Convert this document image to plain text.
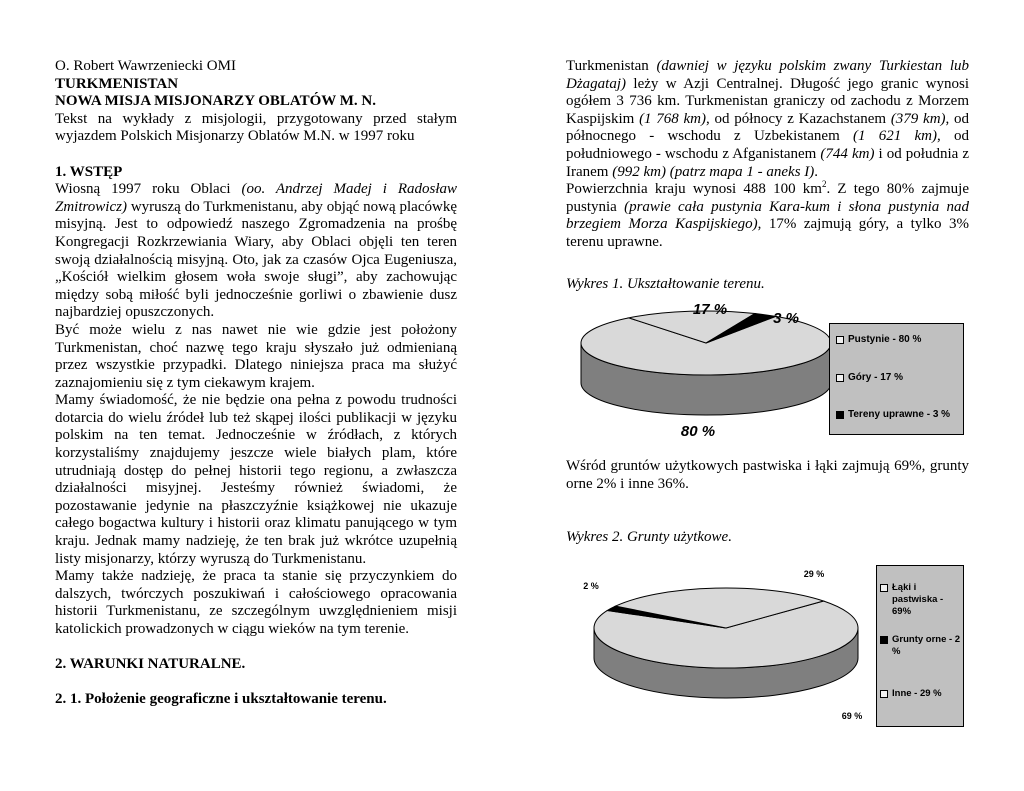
O. Robert Wawrzeniecki OMI
TURKMENISTAN
NOWA MISJA MISJONARZY OBLATÓW M. N.
Tekst na wykłady z misjologii, przygotowany przed stałym wyjazdem Polskich Misjonarzy Oblatów M.N. w 1997 roku
1. WSTĘP
Wiosną 1997 roku Oblaci (oo. Andrzej Madej i Radosław Zmitrowicz) wyruszą do Turkmenistanu, aby objąć nową placówkę misyjną. Jest to odpowiedź naszego Zgromadzenia na prośbę Kongregacji Rozkrzewiania Wiary, aby Oblaci objęli ten teren swoją działalnością misyjną. Oto, jak za czasów Ojca Eugeniusza, „Kościół wielkim głosem woła swoje sługi”, aby zachowując między sobą miłość byli jednocześnie gorliwi o zbawienie dusz najbardziej opuszczonych.
Być może wielu z nas nawet nie wie gdzie jest położony Turkmenistan, choć nazwę tego kraju słyszało już odmienianą przez wszystkie przypadki. Dlatego niniejsza praca ma służyć zaznajomieniu się z tym ciekawym krajem.
Mamy świadomość, że nie będzie ona pełna z powodu trudności dotarcia do wielu źródeł lub też skąpej ilości publikacji w języku polskim na ten temat. Jednocześnie w źródłach, z których korzystaliśmy znajdujemy jeszcze wiele białych plam, które utrudniają dostęp do pełnej historii tego regionu, a zwłaszcza działalności misyjnej. Jesteśmy również świadomi, że pozostawanie jedynie na płaszczyźnie książkowej nie ukazuje całego bogactwa kultury i historii oraz klimatu panującego w tym kraju. Jednak mamy nadzieję, że ten brak już wkrótce uzupełnią listy misjonarzy, którzy wyruszą do Turkmenistanu.
Mamy także nadzieję, że praca ta stanie się przyczynkiem do dalszych, twórczych poszukiwań i całościowego opracowania historii Turkmenistanu, ze szczególnym uwzględnieniem misji katolickich prowadzonych w ciągu wieków na tym terenie.
2. WARUNKI NATURALNE.
2. 1. Położenie geograficzne i ukształtowanie terenu.
Turkmenistan (dawniej w języku polskim zwany Turkiestan lub Dżagataj) leży w Azji Centralnej. Długość jego granic wynosi ogółem 3 736 km. Turkmenistan graniczy od zachodu z Morzem Kaspijskim (1 768 km), od północy z Kazachstanem (379 km), od północnego - wschodu z Uzbekistanem (1 621 km), od południowego - wschodu z Afganistanem (744 km) i od południa z Iranem (992 km) (patrz mapa 1 - aneks I).
Powierzchnia kraju wynosi 488 100 $km^2$. Z tego 80% zajmuje pustynia (prawie cała pustynia Kara-kum i słona pustynia nad brzegiem Morza Kaspijskiego), 17% zajmują góry, a tylko 3% terenu uprawne.
Wykres 1. Ukształtowanie terenu.
80 %
17 %
3 %
Pustynie - 80 %
Góry - 17 %
Tereny uprawne - 3 %
Wśród gruntów użytkowych pastwiska i łąki zajmują 69%, grunty orne 2% i inne 36%.
Wykres 2. Grunty użytkowe.
69 %
2 %
29 %
Łąki i pastwiska - 69%
Grunty orne - 2 %
Inne - 29 %
